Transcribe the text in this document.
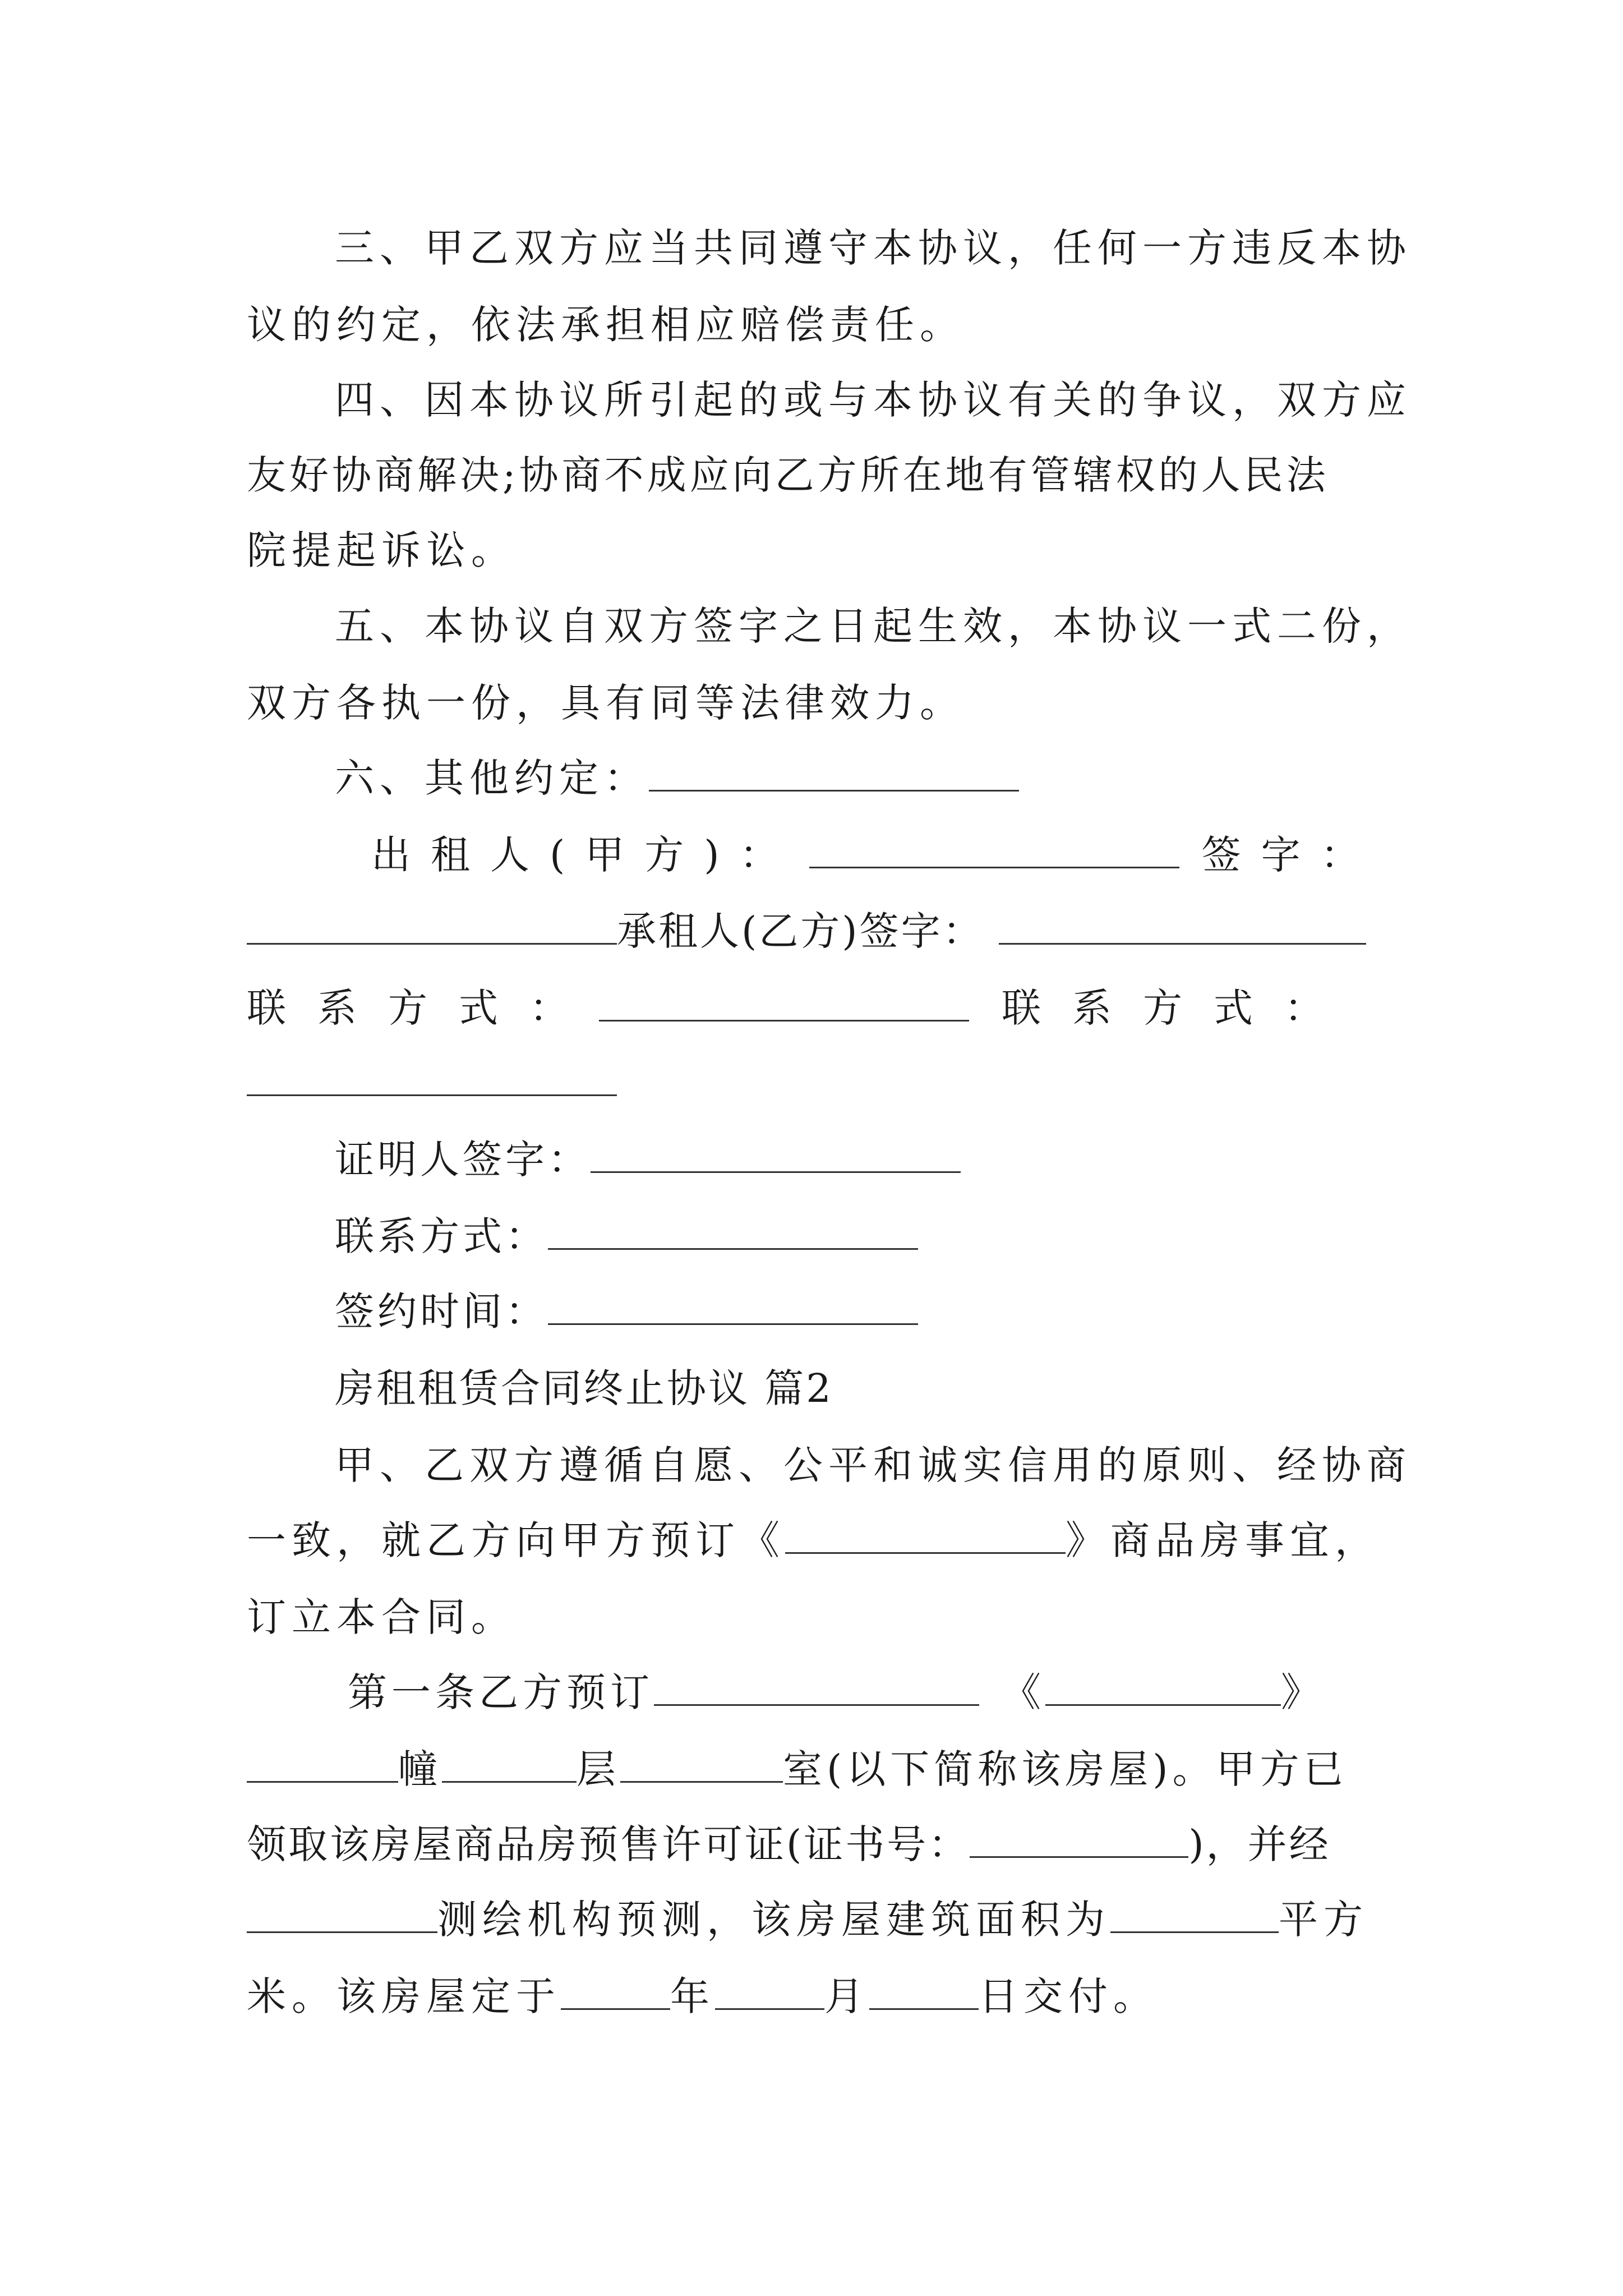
三、甲乙双方应当共同遵守本协议，任何一方违反本协
议的约定，依法承担相应赔偿责任。
四、因本协议所引起的或与本协议有关的争议，双方应
友好协商解决;协商不成应向乙方所在地有管辖权的人民法
院提起诉讼。
五、本协议自双方签字之日起生效，本协议一式二份，
双方各执一份，具有同等法律效力。
六、其他约定：
出租人(甲方)：	签字：
承租人(乙方)签字：
联系方式：	联系方式：
证明人签字：
联系方式：
签约时间：
房租租赁合同终止协议 篇2
甲、乙双方遵循自愿、公平和诚实信用的原则、经协商
一致，就乙方向甲方预订《	》商品房事宜，
订立本合同。
第一条乙方预订	《	》
幢	层	室(以下简称该房屋)。甲方已
领取该房屋商品房预售许可证(证书号：	)，并经
测绘机构预测，该房屋建筑面积为	平方
米。该房屋定于	年	月	日交付。
